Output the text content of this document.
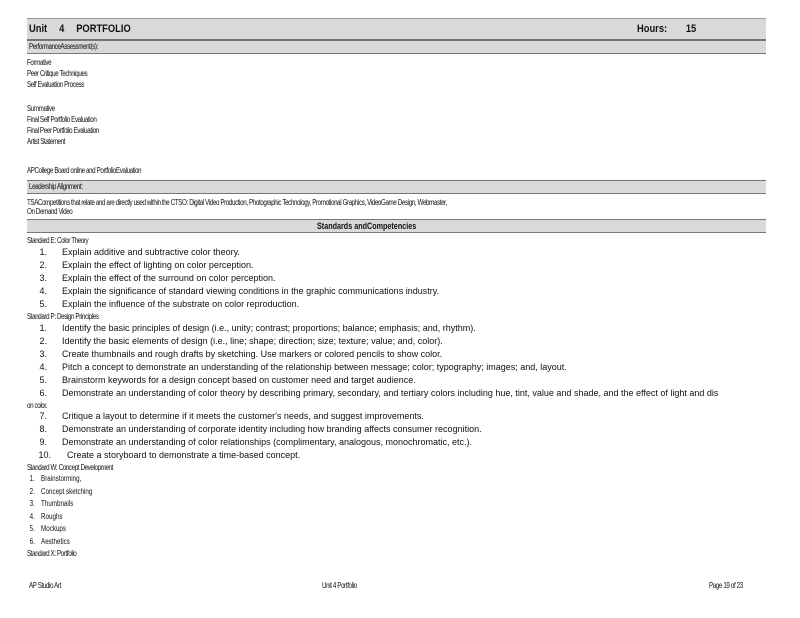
Unit 4 PORTFOLIO	Hours: 15
PerformanceAssessment(s):
Formative
Peer Critique Techniques
Self Evaluation Process
Summative
Final Self Portfolio Evaluation
Final Peer Portfolio Evaluation
Artist Statement
APCollege Board online and PortfolioEvaluation
Leadership Alignment:
TSACompetitions that relate and are directly used within the CTSO: Digital Video Production, Photographic Technology, Promotional Graphics, VideoGame Design, Webmaster,
On Demand Video
Standards andCompetencies
Standard E: Color Theory
1. Explain additive and subtractive color theory.
2. Explain the effect of lighting on color perception.
3. Explain the effect of the surround on color perception.
4. Explain the significance of standard viewing conditions in the graphic communications industry.
5. Explain the influence of the substrate on color reproduction.
Standard P: Design Principles
1. Identify the basic principles of design (i.e., unity; contrast; proportions; balance; emphasis; and, rhythm).
2. Identify the basic elements of design (i.e., line; shape; direction; size; texture; value; and, color).
3. Create thumbnails and rough drafts by sketching. Use markers or colored pencils to show color.
4. Pitch a concept to demonstrate an understanding of the relationship between message; color; typography; images; and, layout.
5. Brainstorm keywords for a design concept based on customer need and target audience.
6. Demonstrate an understanding of color theory by describing primary, secondary, and tertiary colors including hue, tint, value and shade, and the effect of light and dis
on color.
7. Critique a layout to determine if it meets the customer's needs, and suggest improvements.
8. Demonstrate an understanding of corporate identity including how branding affects consumer recognition.
9. Demonstrate an understanding of color relationships (complimentary, analogous, monochromatic, etc.).
10. Create a storyboard to demonstrate a time-based concept.
Standard W: Concept Development
1. Brainstorming,
2. Concept sketching
3. Thumbnails
4. Roughs
5. Mockups
6. Aesthetics
Standard X: Portfolio
AP Studio Art	Unit 4 Portfolio	Page 19 of 23
